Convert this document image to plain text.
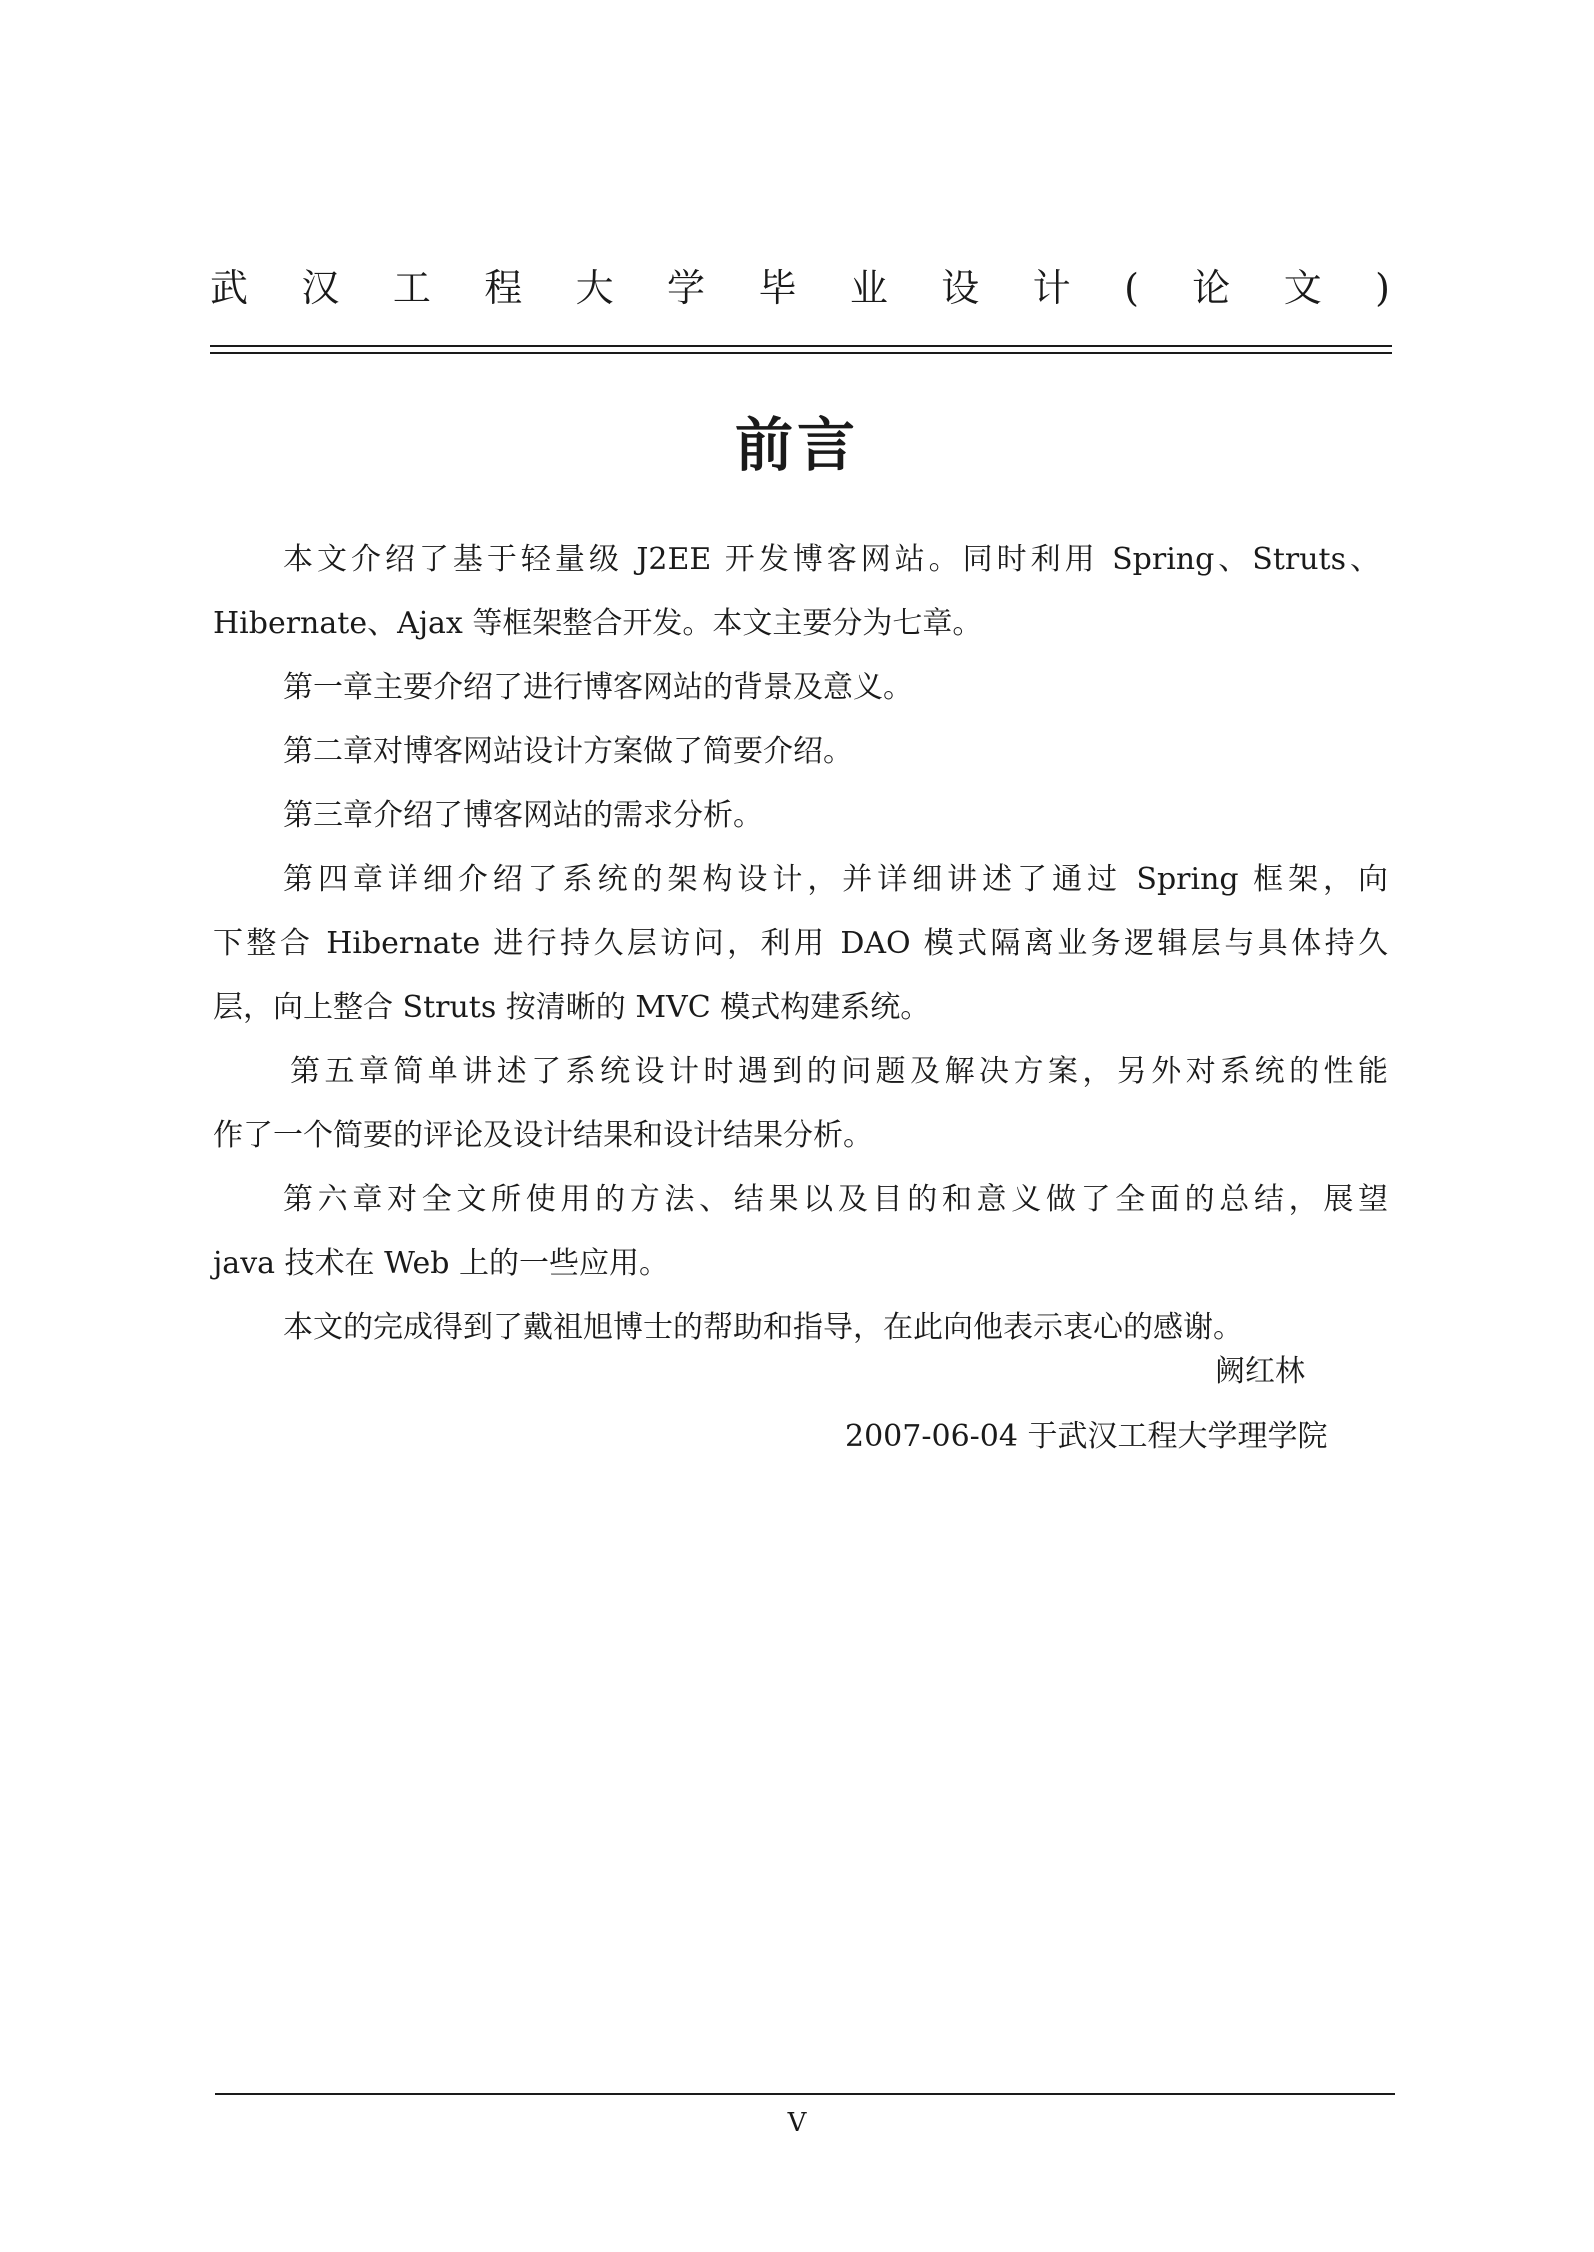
武 汉 工 程 大 学 毕 业 设 计 ( 论 文 )
前言

本文介绍了基于轻量级 J2EE 开发博客网站。同时利用 Spring、Struts、

Hibernate、Ajax 等框架整合开发。本文主要分为七章。

第一章主要介绍了进行博客网站的背景及意义。

第二章对博客网站设计方案做了简要介绍。

第三章介绍了博客网站的需求分析。

第四章详细介绍了系统的架构设计，并详细讲述了通过 Spring 框架，向

下整合 Hibernate 进行持久层访问，利用 DAO 模式隔离业务逻辑层与具体持久

层，向上整合 Struts 按清晰的 MVC 模式构建系统。

第五章简单讲述了系统设计时遇到的问题及解决方案，另外对系统的性能

作了一个简要的评论及设计结果和设计结果分析。

第六章对全文所使用的方法、结果以及目的和意义做了全面的总结，展望

java 技术在 Web 上的一些应用。

本文的完成得到了戴祖旭博士的帮助和指导，在此向他表示衷心的感谢。

阙红林
2007-06-04 于武汉工程大学理学院
V
